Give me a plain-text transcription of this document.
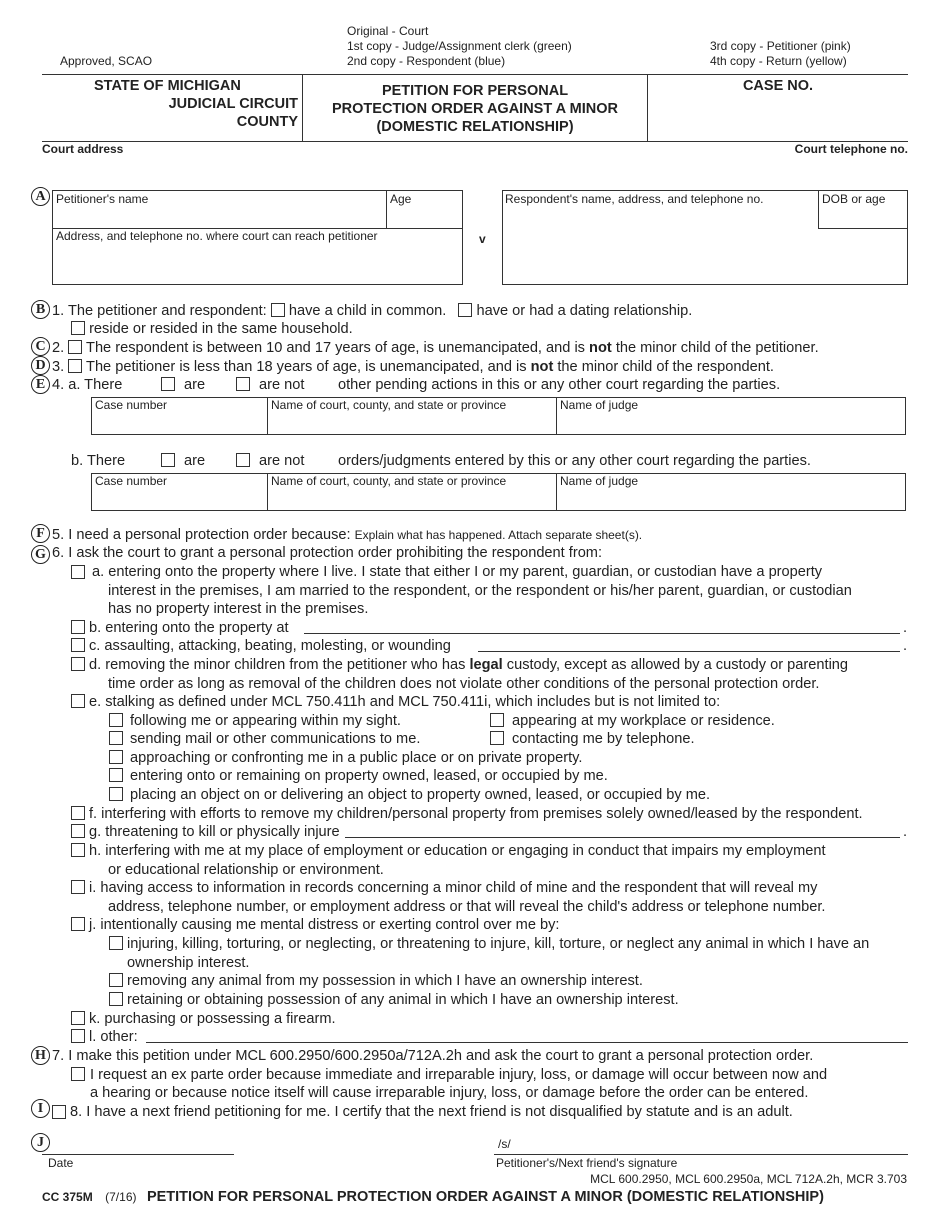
Approved, SCAO
Original - Court
1st copy - Judge/Assignment clerk (green)
2nd copy - Respondent (blue)
3rd copy - Petitioner (pink)
4th copy - Return (yellow)
STATE OF MICHIGAN
JUDICIAL CIRCUIT
COUNTY
PETITION FOR PERSONAL
PROTECTION ORDER AGAINST A MINOR
(DOMESTIC RELATIONSHIP)
CASE NO.
Court address	Court telephone no.
A Petitioner's name	Age
Address, and telephone no. where court can reach petitioner	v
Respondent's name, address, and telephone no.	DOB or age
B 1. The petitioner and respondent: have a child in common. have or had a dating relationship.
reside or resided in the same household.
C 2. The respondent is between 10 and 17 years of age, is unemancipated, and is not the minor child of the petitioner.
D 3. The petitioner is less than 18 years of age, is unemancipated, and is not the minor child of the respondent.
E 4. a. There	are	are not other pending actions in this or any other court regarding the parties.
Case number	Name of court, county, and state or province	Name of judge
b. There	are	are not orders/judgments entered by this or any other court regarding the parties.
Case number	Name of court, county, and state or province	Name of judge
F 5. I need a personal protection order because: Explain what has happened. Attach separate sheet(s).
G 6. I ask the court to grant a personal protection order prohibiting the respondent from:
a. entering onto the property where I live. I state that either I or my parent, guardian, or custodian have a property
interest in the premises, I am married to the respondent, or the respondent or his/her parent, guardian, or custodian
has no property interest in the premises.
b. entering onto the property at	.
c. assaulting, attacking, beating, molesting, or wounding	.
d. removing the minor children from the petitioner who has legal custody, except as allowed by a custody or parenting
time order as long as removal of the children does not violate other conditions of the personal protection order.
e. stalking as defined under MCL 750.411h and MCL 750.411i, which includes but is not limited to:
following me or appearing within my sight.	appearing at my workplace or residence.
sending mail or other communications to me.	contacting me by telephone.
approaching or confronting me in a public place or on private property.
entering onto or remaining on property owned, leased, or occupied by me.
placing an object on or delivering an object to property owned, leased, or occupied by me.
f. interfering with efforts to remove my children/personal property from premises solely owned/leased by the respondent.
g. threatening to kill or physically injure	.
h. interfering with me at my place of employment or education or engaging in conduct that impairs my employment
or educational relationship or environment.
i. having access to information in records concerning a minor child of mine and the respondent that will reveal my
address, telephone number, or employment address or that will reveal the child's address or telephone number.
j. intentionally causing me mental distress or exerting control over me by:
injuring, killing, torturing, or neglecting, or threatening to injure, kill, torture, or neglect any animal in which I have an
ownership interest.
removing any animal from my possession in which I have an ownership interest.
retaining or obtaining possession of any animal in which I have an ownership interest.
k. purchasing or possessing a firearm.
l. other:
H 7. I make this petition under MCL 600.2950/600.2950a/712A.2h and ask the court to grant a personal protection order.
I request an ex parte order because immediate and irreparable injury, loss, or damage will occur between now and
a hearing or because notice itself will cause irreparable injury, loss, or damage before the order can be entered.
I	8. I have a next friend petitioning for me. I certify that the next friend is not disqualified by statute and is an adult.
J
Date
/s/
Petitioner's/Next friend's signature
MCL 600.2950, MCL 600.2950a, MCL 712A.2h, MCR 3.703
CC 375M (7/16) PETITION FOR PERSONAL PROTECTION ORDER AGAINST A MINOR (DOMESTIC RELATIONSHIP)
